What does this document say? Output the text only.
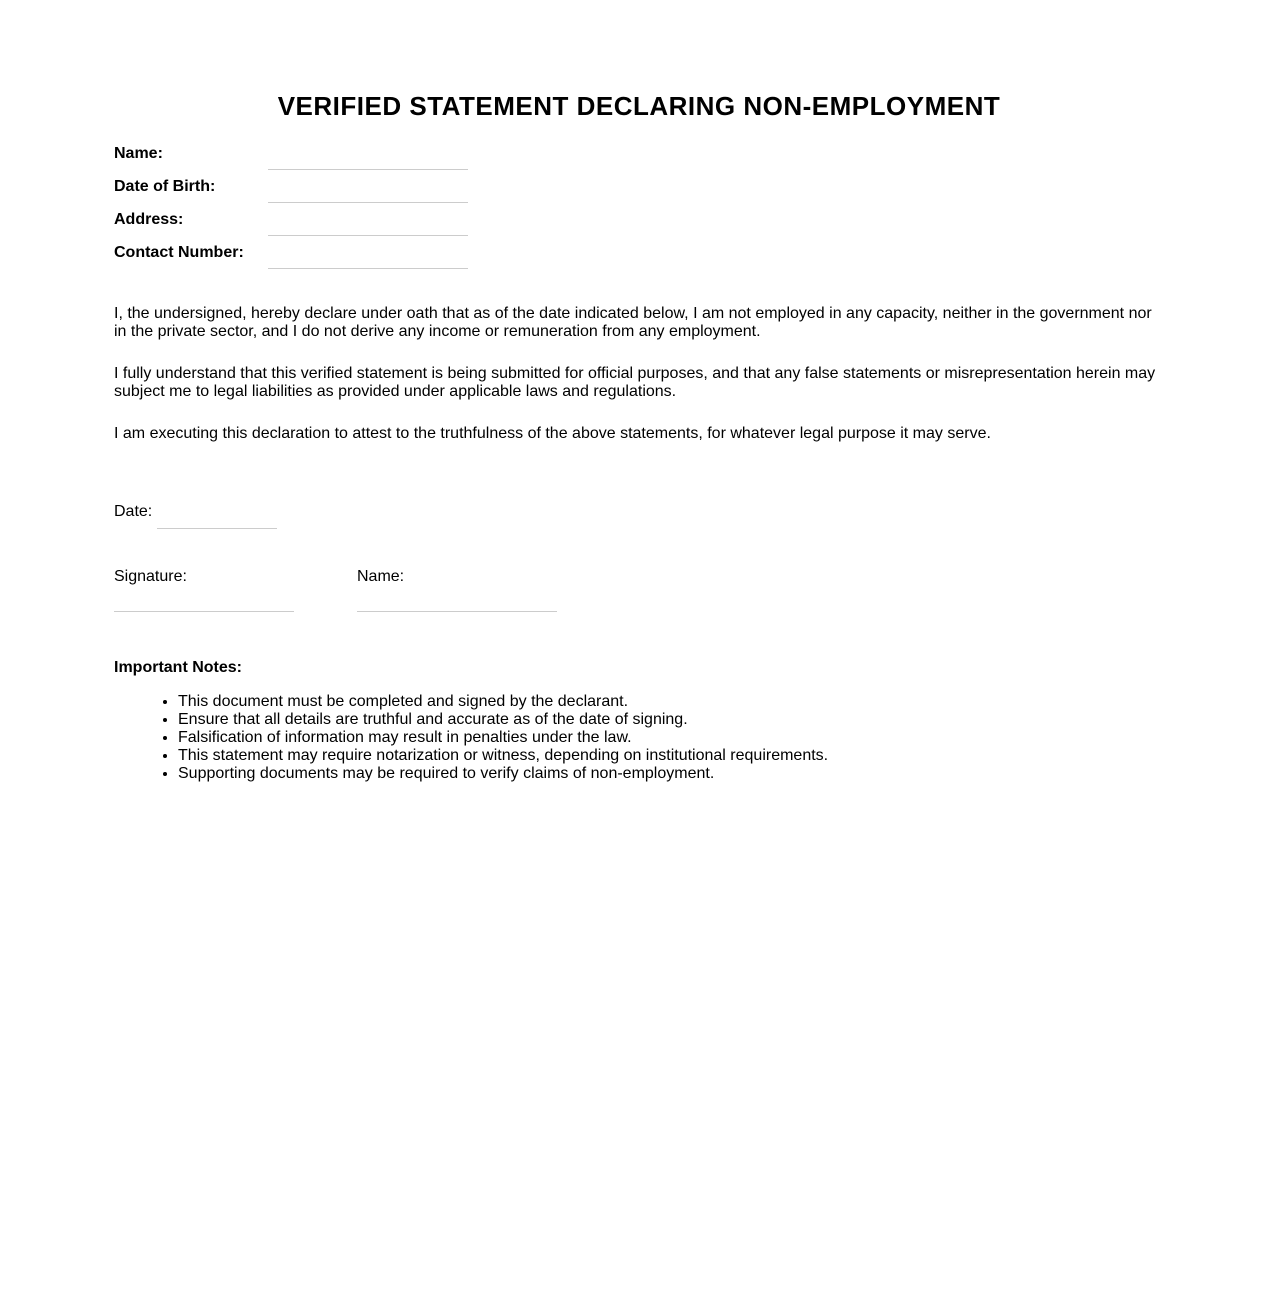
VERIFIED STATEMENT DECLARING NON-EMPLOYMENT
Name:
Date of Birth:
Address:
Contact Number:

I, the undersigned, hereby declare under oath that as of the date indicated below, I am not employed in any capacity, neither in the government nor in the private sector, and I do not derive any income or remuneration from any employment.

I fully understand that this verified statement is being submitted for official purposes, and that any false statements or misrepresentation herein may subject me to legal liabilities as provided under applicable laws and regulations.

I am executing this declaration to attest to the truthfulness of the above statements, for whatever legal purpose it may serve.

Date:
Signature:	Name:
Important Notes:
• This document must be completed and signed by the declarant.
• Ensure that all details are truthful and accurate as of the date of signing.
• Falsification of information may result in penalties under the law.
• This statement may require notarization or witness, depending on institutional requirements.
• Supporting documents may be required to verify claims of non-employment.
